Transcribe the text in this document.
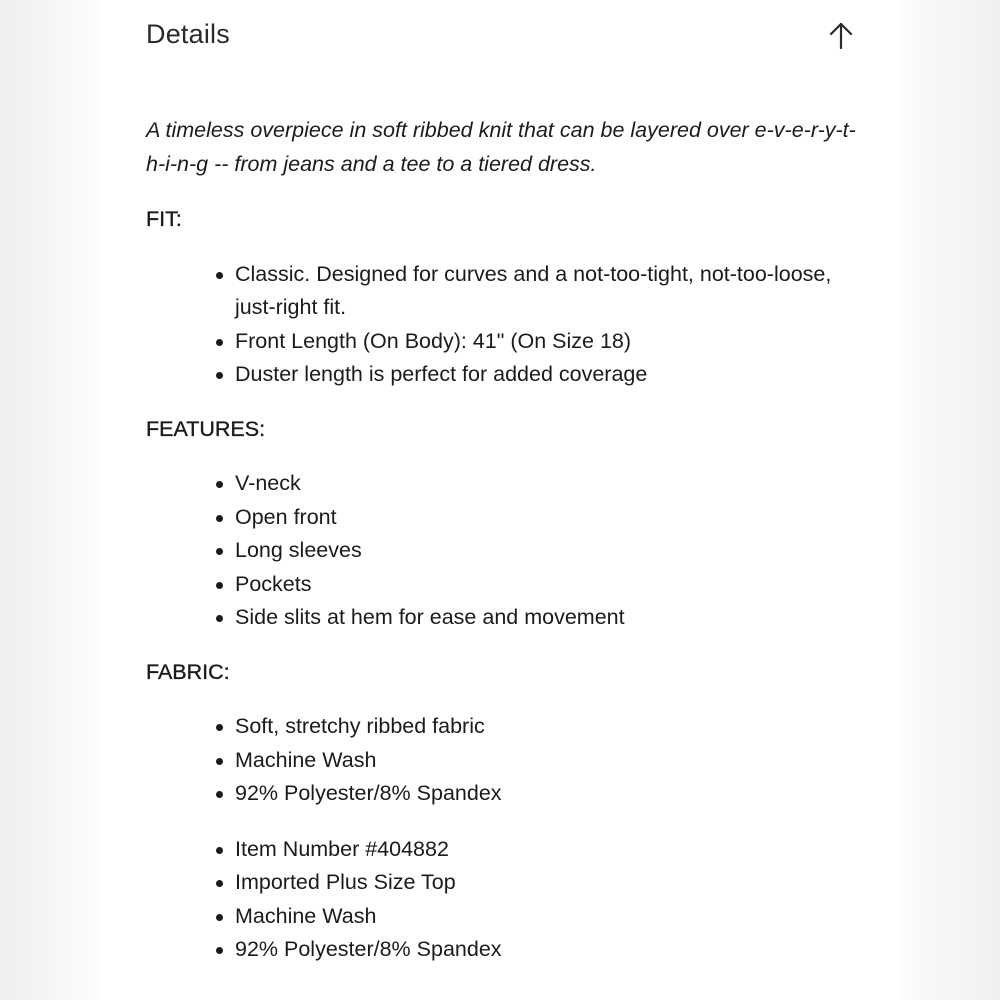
Details

A timeless overpiece in soft ribbed knit that can be layered over e-v-e-r-y-t-h-i-n-g -- from jeans and a tee to a tiered dress.

FIT:
Classic. Designed for curves and a not-too-tight, not-too-loose, just-right fit.
Front Length (On Body): 41" (On Size 18)
Duster length is perfect for added coverage
FEATURES:
V-neck
Open front
Long sleeves
Pockets
Side slits at hem for ease and movement
FABRIC:
Soft, stretchy ribbed fabric
Machine Wash
92% Polyester/8% Spandex
Item Number #404882
Imported Plus Size Top
Machine Wash
92% Polyester/8% Spandex
